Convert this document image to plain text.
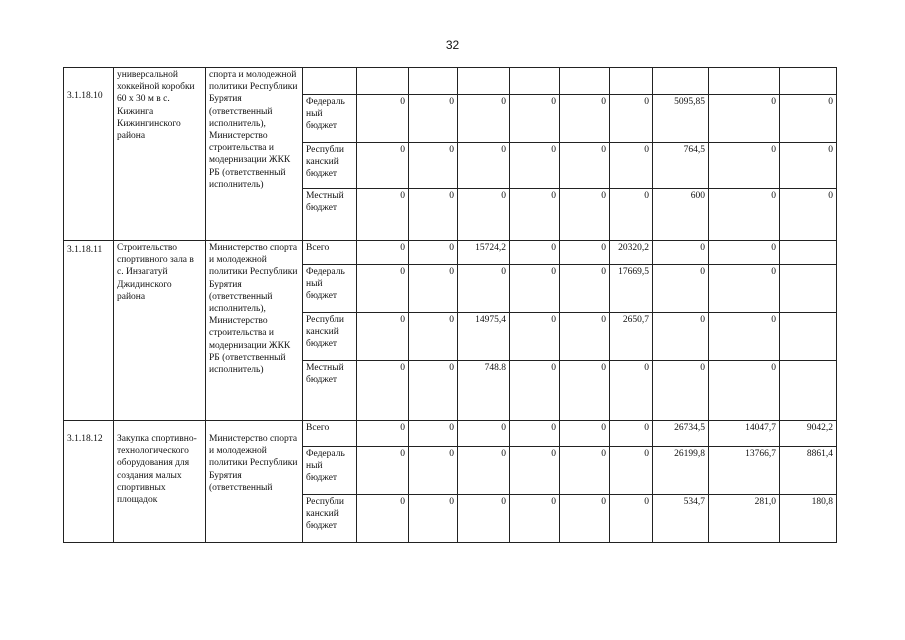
32
3.1.18.10	универсальной хоккейной коробки 60 х 30 м в с. Кижинга Кижингинского района	спорта и молодежной политики Республики Бурятия (ответственный исполнитель), Министерство строительства и модернизации ЖКК РБ (ответственный исполнитель)										
			Федераль ный бюджет	0	0	0	0	0	0	5095,85	0	0
			Республи канский бюджет	0	0	0	0	0	0	764,5	0	0
			Местный бюджет	0	0	0	0	0	0	600	0	0
3.1.18.11	Строительство спортивного зала в с. Инзагатуй Джидинского района	Министерство спорта и молодежной политики Республики Бурятия (ответственный исполнитель), Министерство строительства и модернизации ЖКК РБ (ответственный исполнитель)	Всего	0	0	15724,2	0	0	20320,2	0	0	
			Федераль ный бюджет	0	0	0	0	0	17669,5	0	0	
			Республи канский бюджет	0	0	14975,4	0	0	2650,7	0	0	
			Местный бюджет	0	0	748.8	0	0	0	0	0	
3.1.18.12	Закупка спортивно-технологического оборудования для создания малых спортивных площадок	Министерство спорта и молодежной политики Республики Бурятия (ответственный	Всего	0	0	0	0	0	0	26734,5	14047,7	9042,2
			Федераль ный бюджет	0	0	0	0	0	0	26199,8	13766,7	8861,4
			Республи канский бюджет	0	0	0	0	0	0	534,7	281,0	180,8
